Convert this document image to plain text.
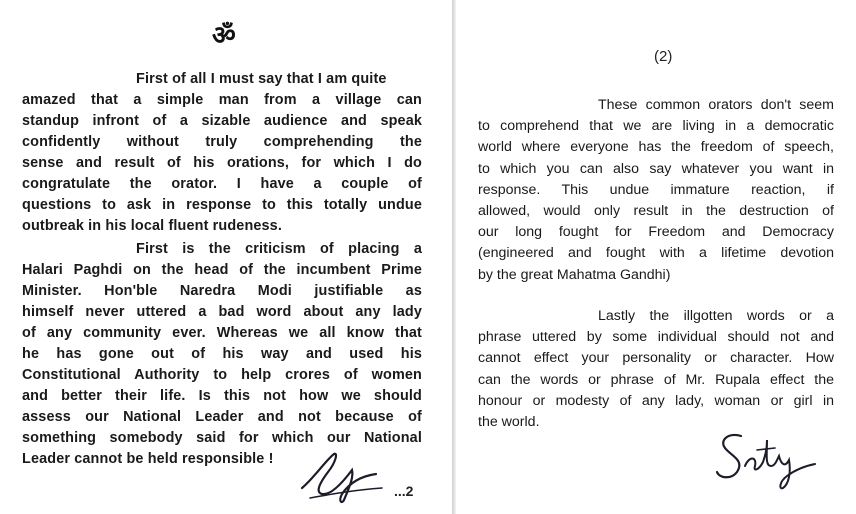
ॐ
First of all I must say that I am quite
amazed that a simple man from a village can
standup infront of a sizable audience and speak
confidently without truly comprehending the
sense and result of his orations, for which I do
congratulate the orator. I have a couple of
questions to ask in response to this totally undue
outbreak in his local fluent rudeness.
First is the criticism of placing a
Halari Paghdi on the head of the incumbent Prime
Minister. Hon'ble Naredra Modi justifiable as
himself never uttered a bad word about any lady
of any community ever. Whereas we all know that
he has gone out of his way and used his
Constitutional Authority to help crores of women
and better their life. Is this not how we should
assess our National Leader and not because of
something somebody said for which our National
Leader cannot be held responsible !
...2
(2)
These common orators don't seem
to comprehend that we are living in a democratic
world where everyone has the freedom of speech,
to which you can also say whatever you want in
response. This undue immature reaction, if
allowed, would only result in the destruction of
our long fought for Freedom and Democracy
(engineered and fought with a lifetime devotion
by the great Mahatma Gandhi)
Lastly the illgotten words or a
phrase uttered by some individual should not and
cannot effect your personality or character. How
can the words or phrase of Mr. Rupala effect the
honour or modesty of any lady, woman or girl in
the world.
